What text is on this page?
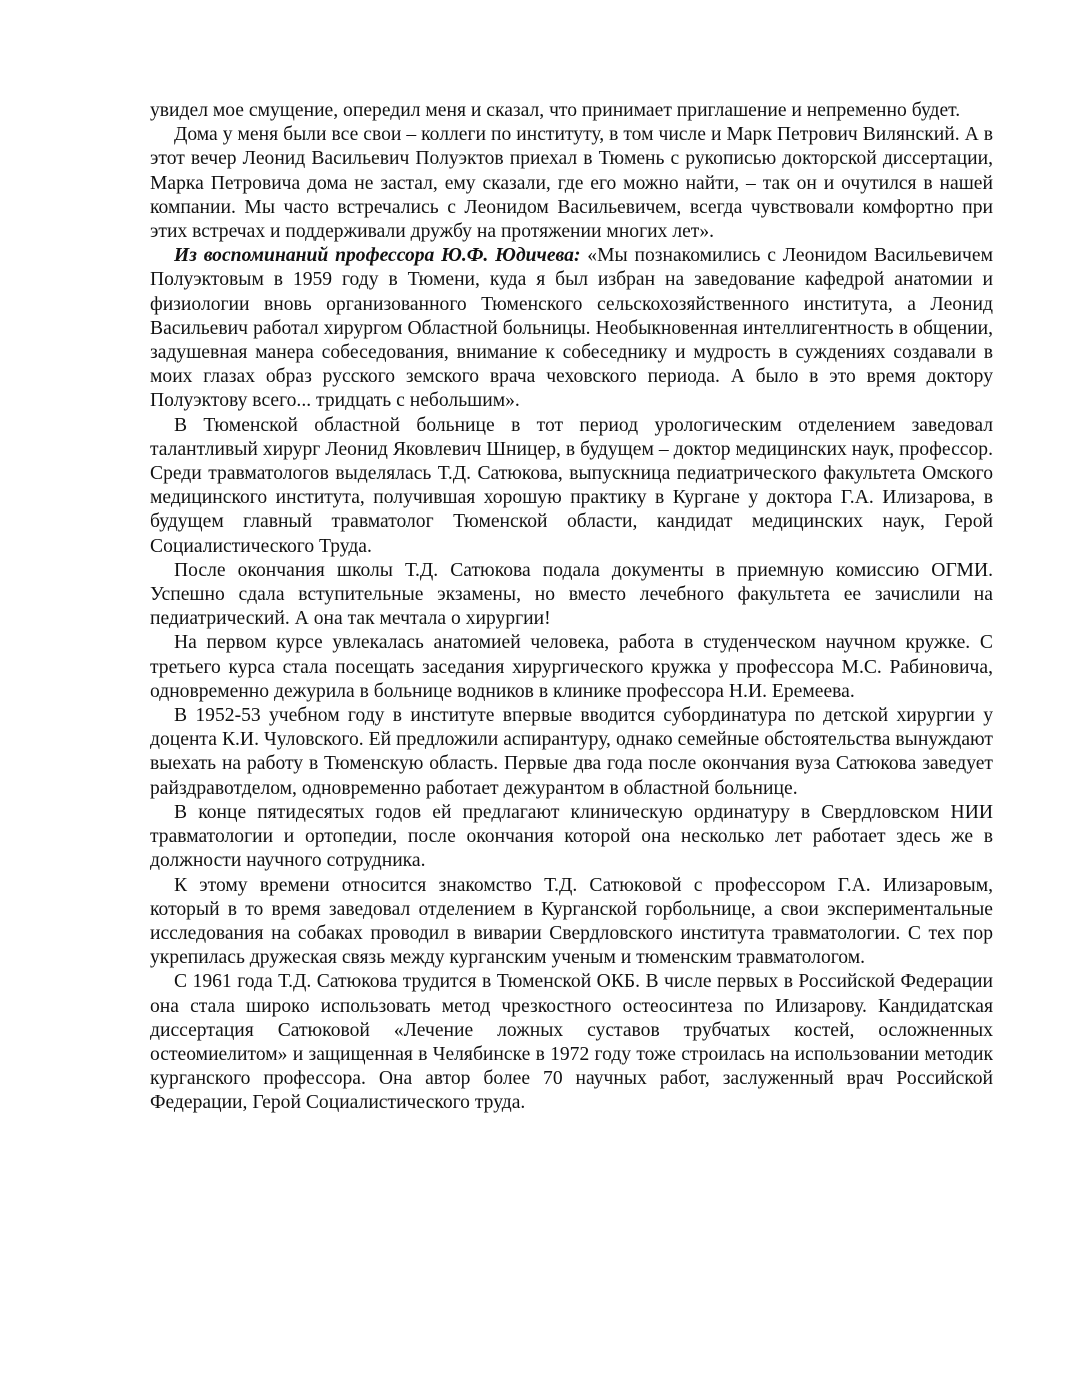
увидел мое смущение, опередил меня и сказал, что принимает приглашение и непременно будет.

Дома у меня были все свои – коллеги по институту, в том числе и Марк Петрович Вилянский. А в этот вечер Леонид Васильевич Полуэктов приехал в Тюмень с рукописью докторской диссертации, Марка Петровича дома не застал, ему сказали, где его можно найти, – так он и очутился в нашей компании. Мы часто встречались с Леонидом Васильевичем, всегда чувствовали комфортно при этих встречах и поддерживали дружбу на протяжении многих лет».

Из воспоминаний профессора Ю.Ф. Юдичева: «Мы познакомились с Леонидом Васильевичем Полуэктовым в 1959 году в Тюмени, куда я был избран на заведование кафедрой анатомии и физиологии вновь организованного Тюменского сельскохозяйственного института, а Леонид Васильевич работал хирургом Областной больницы. Необыкновенная интеллигентность в общении, задушевная манера собеседования, внимание к собеседнику и мудрость в суждениях создавали в моих глазах образ русского земского врача чеховского периода. А было в это время доктору Полуэктову всего... тридцать с небольшим».

В Тюменской областной больнице в тот период урологическим отделением заведовал талантливый хирург Леонид Яковлевич Шницер, в будущем – доктор медицинских наук, профессор. Среди травматологов выделялась Т.Д. Сатюкова, выпускница педиатрического факультета Омского медицинского института, получившая хорошую практику в Кургане у доктора Г.А. Илизарова, в будущем главный травматолог Тюменской области, кандидат медицинских наук, Герой Социалистического Труда.

После окончания школы Т.Д. Сатюкова подала документы в приемную комиссию ОГМИ. Успешно сдала вступительные экзамены, но вместо лечебного факультета ее зачислили на педиатрический. А она так мечтала о хирургии!

На первом курсе увлекалась анатомией человека, работа в студенческом научном кружке. С третьего курса стала посещать заседания хирургического кружка у профессора М.С. Рабиновича, одновременно дежурила в больнице водников в клинике профессора Н.И. Еремеева.

В 1952-53 учебном году в институте впервые вводится субординатура по детской хирургии у доцента К.И. Чуловского. Ей предложили аспирантуру, однако семейные обстоятельства вынуждают выехать на работу в Тюменскую область. Первые два года после окончания вуза Сатюкова заведует райздравотделом, одновременно работает дежурантом в областной больнице.

В конце пятидесятых годов ей предлагают клиническую ординатуру в Свердловском НИИ травматологии и ортопедии, после окончания которой она несколько лет работает здесь же в должности научного сотрудника.

К этому времени относится знакомство Т.Д. Сатюковой с профессором Г.А. Илизаровым, который в то время заведовал отделением в Курганской горбольнице, а свои экспериментальные исследования на собаках проводил в виварии Свердловского института травматологии. С тех пор укрепилась дружеская связь между курганским ученым и тюменским травматологом.

С 1961 года Т.Д. Сатюкова трудится в Тюменской ОКБ. В числе первых в Российской Федерации она стала широко использовать метод чрезкостного остеосинтеза по Илизарову. Кандидатская диссертация Сатюковой «Лечение ложных суставов трубчатых костей, осложненных остеомиелитом» и защищенная в Челябинске в 1972 году тоже строилась на использовании методик курганского профессора. Она автор более 70 научных работ, заслуженный врач Российской Федерации, Герой Социалистического труда.
